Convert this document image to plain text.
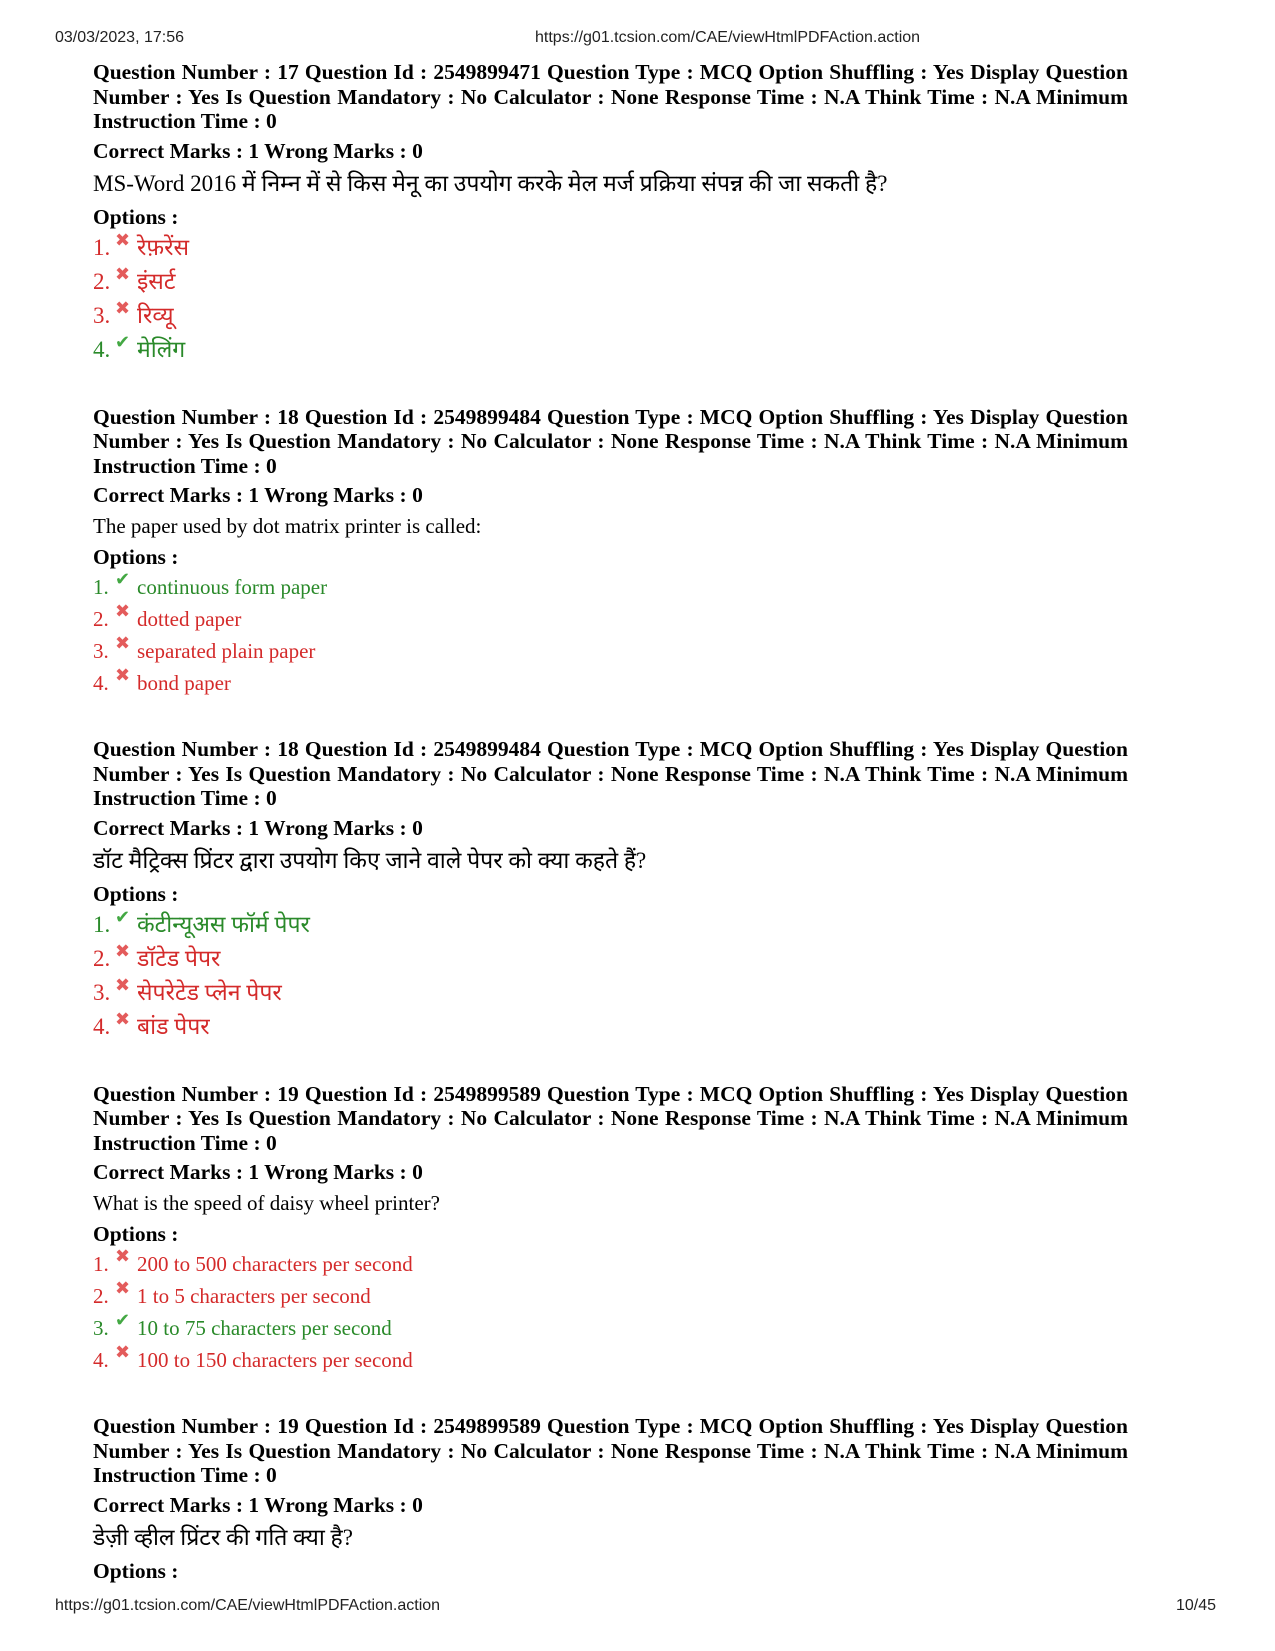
03/03/2023, 17:56	https://g01.tcsion.com/CAE/viewHtmlPDFAction.action
Question Number : 17 Question Id : 2549899471 Question Type : MCQ Option Shuffling : Yes Display Question Number : Yes Is Question Mandatory : No Calculator : None Response Time : N.A Think Time : N.A Minimum Instruction Time : 0
Correct Marks : 1 Wrong Marks : 0
MS-Word 2016 में निम्न में से किस मेनू का उपयोग करके मेल मर्ज प्रक्रिया संपन्न की जा सकती है?
Options :
1. ✖ रेफ़रेंस
2. ✖ इंसर्ट
3. ✖ रिव्यू
4. ✔ मेलिंग
Question Number : 18 Question Id : 2549899484 Question Type : MCQ Option Shuffling : Yes Display Question Number : Yes Is Question Mandatory : No Calculator : None Response Time : N.A Think Time : N.A Minimum Instruction Time : 0
Correct Marks : 1 Wrong Marks : 0
The paper used by dot matrix printer is called:
Options :
1. ✔ continuous form paper
2. ✖ dotted paper
3. ✖ separated plain paper
4. ✖ bond paper
Question Number : 18 Question Id : 2549899484 Question Type : MCQ Option Shuffling : Yes Display Question Number : Yes Is Question Mandatory : No Calculator : None Response Time : N.A Think Time : N.A Minimum Instruction Time : 0
Correct Marks : 1 Wrong Marks : 0
डॉट मैट्रिक्स प्रिंटर द्वारा उपयोग किए जाने वाले पेपर को क्या कहते हैं?
Options :
1. ✔ कंटीन्यूअस फॉर्म पेपर
2. ✖ डॉटेड पेपर
3. ✖ सेपरेटेड प्लेन पेपर
4. ✖ बांड पेपर
Question Number : 19 Question Id : 2549899589 Question Type : MCQ Option Shuffling : Yes Display Question Number : Yes Is Question Mandatory : No Calculator : None Response Time : N.A Think Time : N.A Minimum Instruction Time : 0
Correct Marks : 1 Wrong Marks : 0
What is the speed of daisy wheel printer?
Options :
1. ✖ 200 to 500 characters per second
2. ✖ 1 to 5 characters per second
3. ✔ 10 to 75 characters per second
4. ✖ 100 to 150 characters per second
Question Number : 19 Question Id : 2549899589 Question Type : MCQ Option Shuffling : Yes Display Question Number : Yes Is Question Mandatory : No Calculator : None Response Time : N.A Think Time : N.A Minimum Instruction Time : 0
Correct Marks : 1 Wrong Marks : 0
डेज़ी व्हील प्रिंटर की गति क्या है?
Options :
https://g01.tcsion.com/CAE/viewHtmlPDFAction.action	10/45
